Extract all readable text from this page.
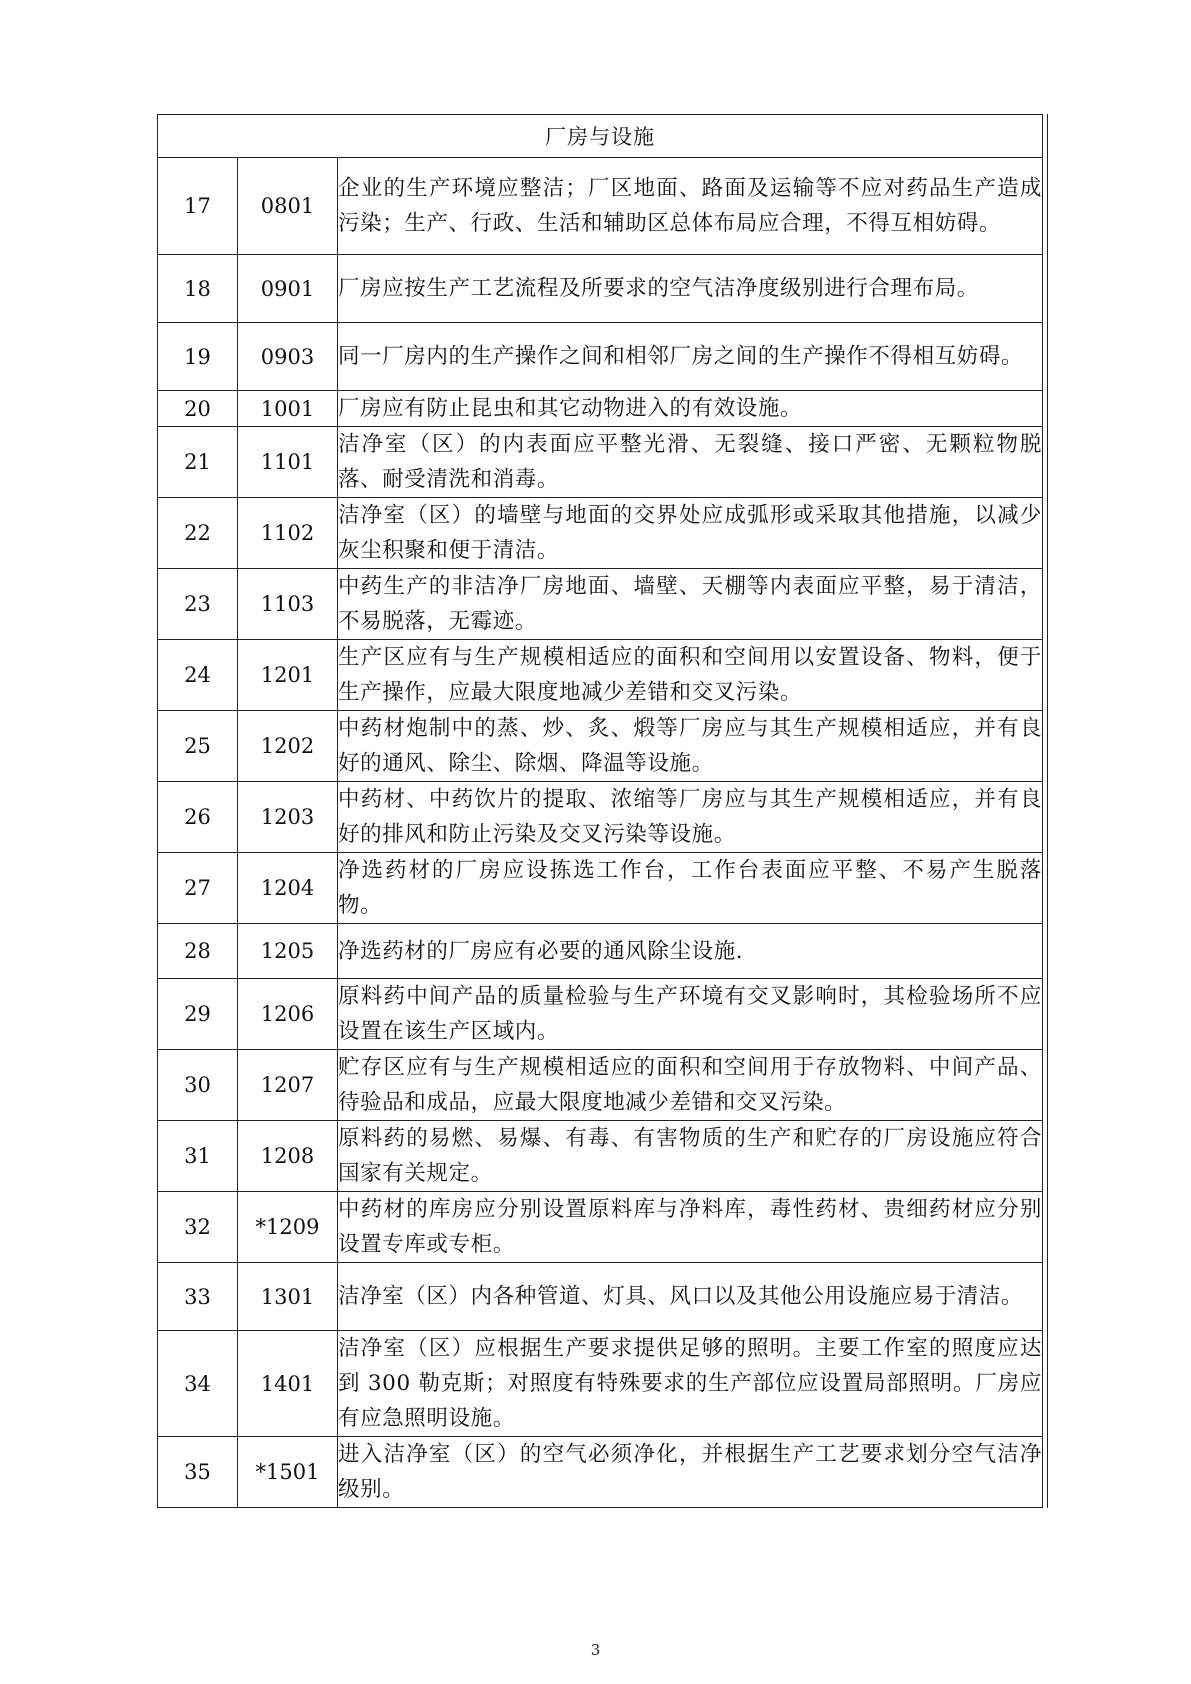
厂房与设施		
17	0801	企业的生产环境应整洁；厂区地面、路面及运输等不应对药品生产造成污染；生产、行政、生活和辅助区总体布局应合理，不得互相妨碍。
18	0901	厂房应按生产工艺流程及所要求的空气洁净度级别进行合理布局。
19	0903	同一厂房内的生产操作之间和相邻厂房之间的生产操作不得相互妨碍。
20	1001	厂房应有防止昆虫和其它动物进入的有效设施。
21	1101	洁净室（区）的内表面应平整光滑、无裂缝、接口严密、无颗粒物脱落、耐受清洗和消毒。
22	1102	洁净室（区）的墙壁与地面的交界处应成弧形或采取其他措施，以减少灰尘积聚和便于清洁。
23	1103	中药生产的非洁净厂房地面、墙壁、天棚等内表面应平整，易于清洁，不易脱落，无霉迹。
24	1201	生产区应有与生产规模相适应的面积和空间用以安置设备、物料，便于生产操作，应最大限度地减少差错和交叉污染。
25	1202	中药材炮制中的蒸、炒、炙、煅等厂房应与其生产规模相适应，并有良好的通风、除尘、除烟、降温等设施。
26	1203	中药材、中药饮片的提取、浓缩等厂房应与其生产规模相适应，并有良好的排风和防止污染及交叉污染等设施。
27	1204	净选药材的厂房应设拣选工作台，工作台表面应平整、不易产生脱落物。
28	1205	净选药材的厂房应有必要的通风除尘设施.
29	1206	原料药中间产品的质量检验与生产环境有交叉影响时，其检验场所不应设置在该生产区域内。
30	1207	贮存区应有与生产规模相适应的面积和空间用于存放物料、中间产品、待验品和成品，应最大限度地减少差错和交叉污染。
31	1208	原料药的易燃、易爆、有毒、有害物质的生产和贮存的厂房设施应符合国家有关规定。
32	*1209	中药材的库房应分别设置原料库与净料库，毒性药材、贵细药材应分别设置专库或专柜。
33	1301	洁净室（区）内各种管道、灯具、风口以及其他公用设施应易于清洁。
34	1401	洁净室（区）应根据生产要求提供足够的照明。主要工作室的照度应达到 300 勒克斯；对照度有特殊要求的生产部位应设置局部照明。厂房应有应急照明设施。
35	*1501	进入洁净室（区）的空气必须净化，并根据生产工艺要求划分空气洁净级别。
3
